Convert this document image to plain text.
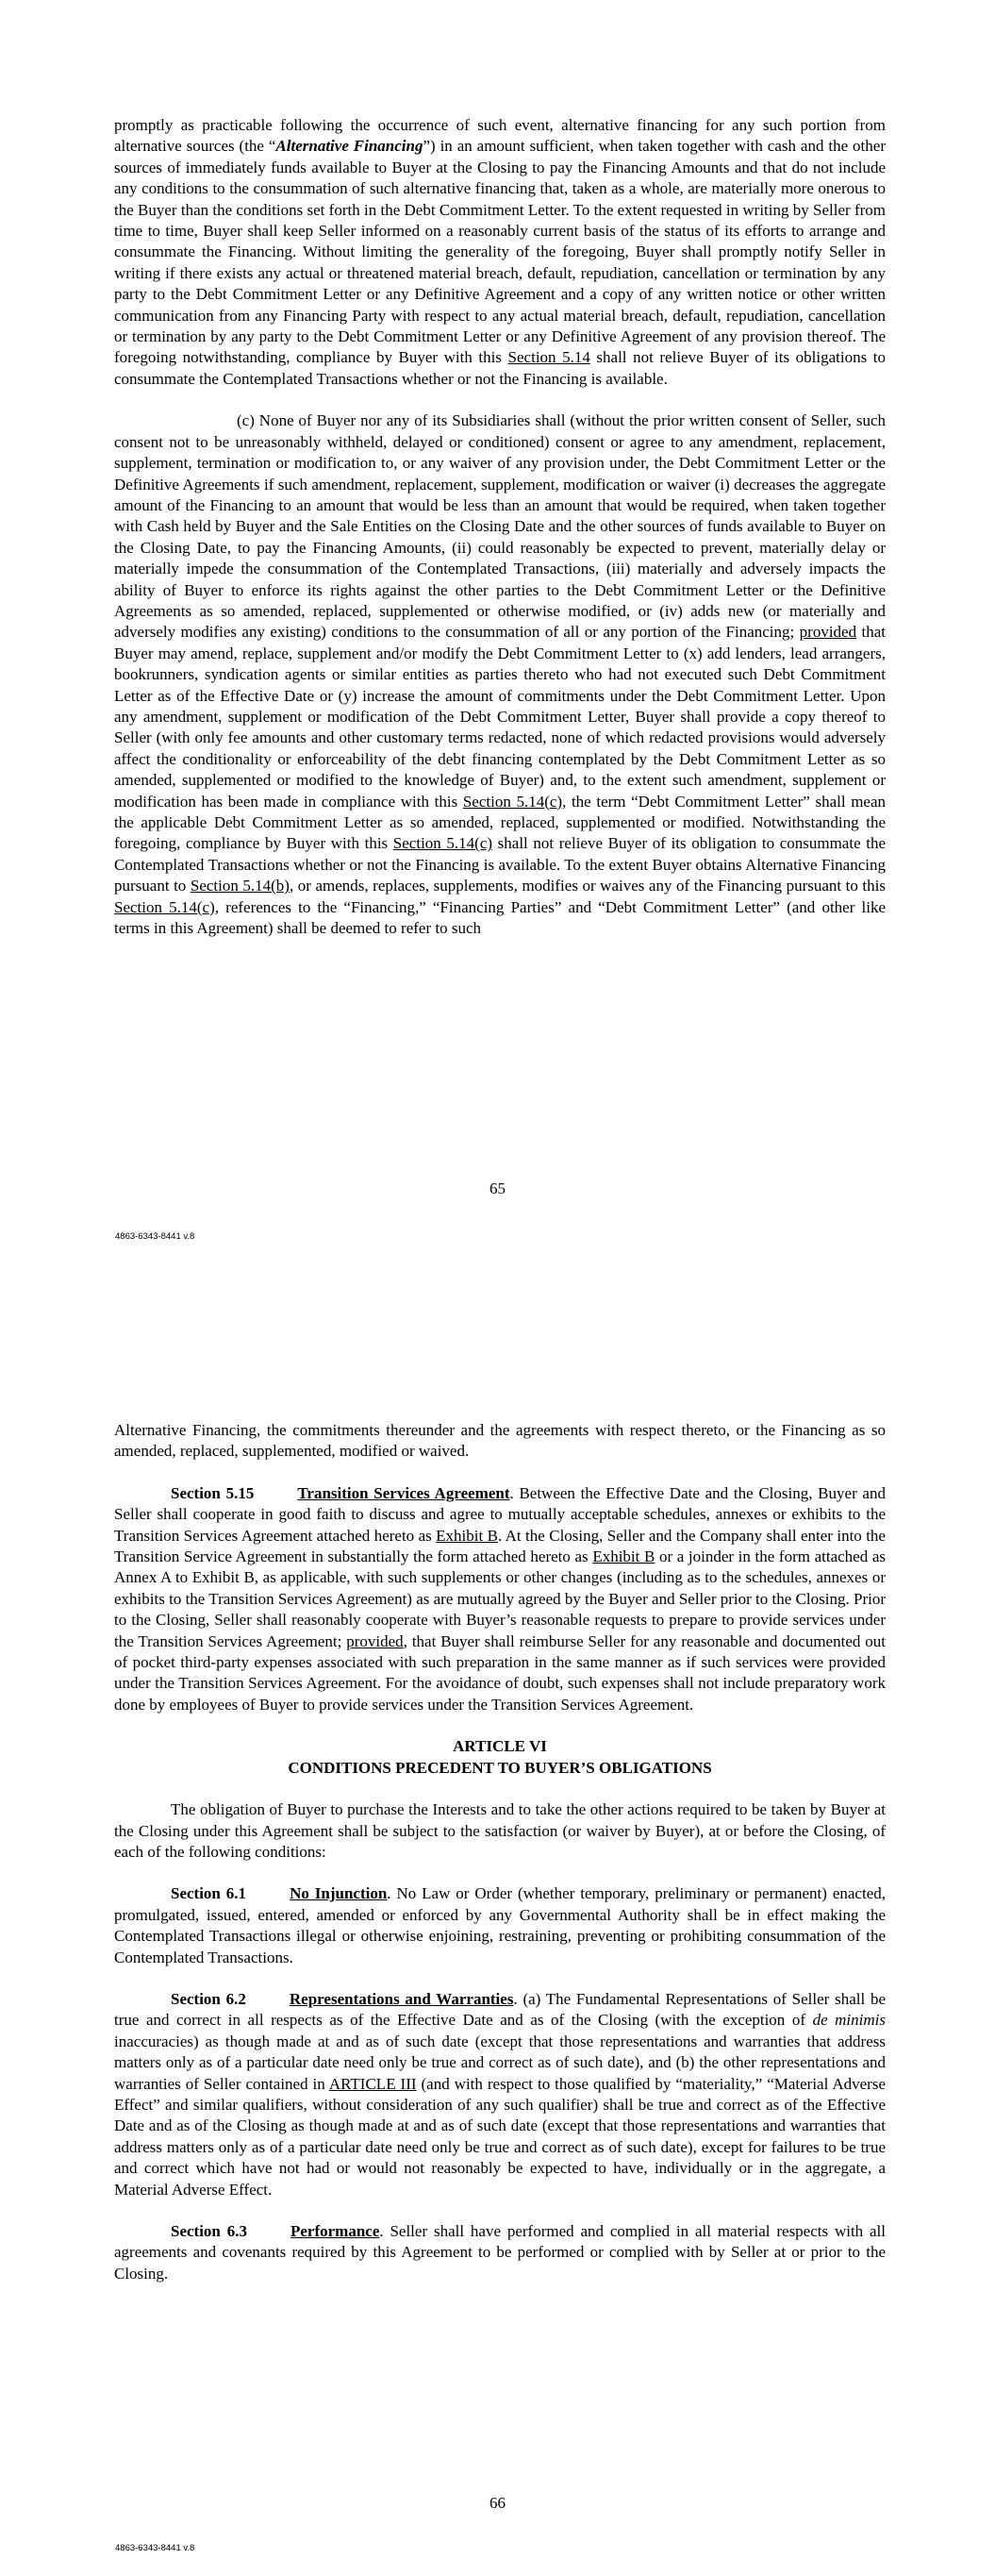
promptly as practicable following the occurrence of such event, alternative financing for any such portion from alternative sources (the “Alternative Financing”) in an amount sufficient, when taken together with cash and the other sources of immediately funds available to Buyer at the Closing to pay the Financing Amounts and that do not include any conditions to the consummation of such alternative financing that, taken as a whole, are materially more onerous to the Buyer than the conditions set forth in the Debt Commitment Letter. To the extent requested in writing by Seller from time to time, Buyer shall keep Seller informed on a reasonably current basis of the status of its efforts to arrange and consummate the Financing. Without limiting the generality of the foregoing, Buyer shall promptly notify Seller in writing if there exists any actual or threatened material breach, default, repudiation, cancellation or termination by any party to the Debt Commitment Letter or any Definitive Agreement and a copy of any written notice or other written communication from any Financing Party with respect to any actual material breach, default, repudiation, cancellation or termination by any party to the Debt Commitment Letter or any Definitive Agreement of any provision thereof. The foregoing notwithstanding, compliance by Buyer with this Section 5.14 shall not relieve Buyer of its obligations to consummate the Contemplated Transactions whether or not the Financing is available.

(c) None of Buyer nor any of its Subsidiaries shall (without the prior written consent of Seller, such consent not to be unreasonably withheld, delayed or conditioned) consent or agree to any amendment, replacement, supplement, termination or modification to, or any waiver of any provision under, the Debt Commitment Letter or the Definitive Agreements if such amendment, replacement, supplement, modification or waiver (i) decreases the aggregate amount of the Financing to an amount that would be less than an amount that would be required, when taken together with Cash held by Buyer and the Sale Entities on the Closing Date and the other sources of funds available to Buyer on the Closing Date, to pay the Financing Amounts, (ii) could reasonably be expected to prevent, materially delay or materially impede the consummation of the Contemplated Transactions, (iii) materially and adversely impacts the ability of Buyer to enforce its rights against the other parties to the Debt Commitment Letter or the Definitive Agreements as so amended, replaced, supplemented or otherwise modified, or (iv) adds new (or materially and adversely modifies any existing) conditions to the consummation of all or any portion of the Financing; provided that Buyer may amend, replace, supplement and/or modify the Debt Commitment Letter to (x) add lenders, lead arrangers, bookrunners, syndication agents or similar entities as parties thereto who had not executed such Debt Commitment Letter as of the Effective Date or (y) increase the amount of commitments under the Debt Commitment Letter. Upon any amendment, supplement or modification of the Debt Commitment Letter, Buyer shall provide a copy thereof to Seller (with only fee amounts and other customary terms redacted, none of which redacted provisions would adversely affect the conditionality or enforceability of the debt financing contemplated by the Debt Commitment Letter as so amended, supplemented or modified to the knowledge of Buyer) and, to the extent such amendment, supplement or modification has been made in compliance with this Section 5.14(c), the term “Debt Commitment Letter” shall mean the applicable Debt Commitment Letter as so amended, replaced, supplemented or modified. Notwithstanding the foregoing, compliance by Buyer with this Section 5.14(c) shall not relieve Buyer of its obligation to consummate the Contemplated Transactions whether or not the Financing is available. To the extent Buyer obtains Alternative Financing pursuant to Section 5.14(b), or amends, replaces, supplements, modifies or waives any of the Financing pursuant to this Section 5.14(c), references to the “Financing,” “Financing Parties” and “Debt Commitment Letter” (and other like terms in this Agreement) shall be deemed to refer to such

65
4863-6343-8441 v.8

Alternative Financing, the commitments thereunder and the agreements with respect thereto, or the Financing as so amended, replaced, supplemented, modified or waived.

Section 5.15	Transition Services Agreement. Between the Effective Date and the Closing, Buyer and Seller shall cooperate in good faith to discuss and agree to mutually acceptable schedules, annexes or exhibits to the Transition Services Agreement attached hereto as Exhibit B. At the Closing, Seller and the Company shall enter into the Transition Service Agreement in substantially the form attached hereto as Exhibit B or a joinder in the form attached as Annex A to Exhibit B, as applicable, with such supplements or other changes (including as to the schedules, annexes or exhibits to the Transition Services Agreement) as are mutually agreed by the Buyer and Seller prior to the Closing. Prior to the Closing, Seller shall reasonably cooperate with Buyer’s reasonable requests to prepare to provide services under the Transition Services Agreement; provided, that Buyer shall reimburse Seller for any reasonable and documented out of pocket third-party expenses associated with such preparation in the same manner as if such services were provided under the Transition Services Agreement. For the avoidance of doubt, such expenses shall not include preparatory work done by employees of Buyer to provide services under the Transition Services Agreement.

ARTICLE VI

CONDITIONS PRECEDENT TO BUYER’S OBLIGATIONS

The obligation of Buyer to purchase the Interests and to take the other actions required to be taken by Buyer at the Closing under this Agreement shall be subject to the satisfaction (or waiver by Buyer), at or before the Closing, of each of the following conditions:

Section 6.1	No Injunction. No Law or Order (whether temporary, preliminary or permanent) enacted, promulgated, issued, entered, amended or enforced by any Governmental Authority shall be in effect making the Contemplated Transactions illegal or otherwise enjoining, restraining, preventing or prohibiting consummation of the Contemplated Transactions.

Section 6.2	Representations and Warranties. (a) The Fundamental Representations of Seller shall be true and correct in all respects as of the Effective Date and as of the Closing (with the exception of de minimis inaccuracies) as though made at and as of such date (except that those representations and warranties that address matters only as of a particular date need only be true and correct as of such date), and (b) the other representations and warranties of Seller contained in ARTICLE III (and with respect to those qualified by “materiality,” “Material Adverse Effect” and similar qualifiers, without consideration of any such qualifier) shall be true and correct as of the Effective Date and as of the Closing as though made at and as of such date (except that those representations and warranties that address matters only as of a particular date need only be true and correct as of such date), except for failures to be true and correct which have not had or would not reasonably be expected to have, individually or in the aggregate, a Material Adverse Effect.

Section 6.3	Performance. Seller shall have performed and complied in all material respects with all agreements and covenants required by this Agreement to be performed or complied with by Seller at or prior to the Closing.

66
4863-6343-8441 v.8
